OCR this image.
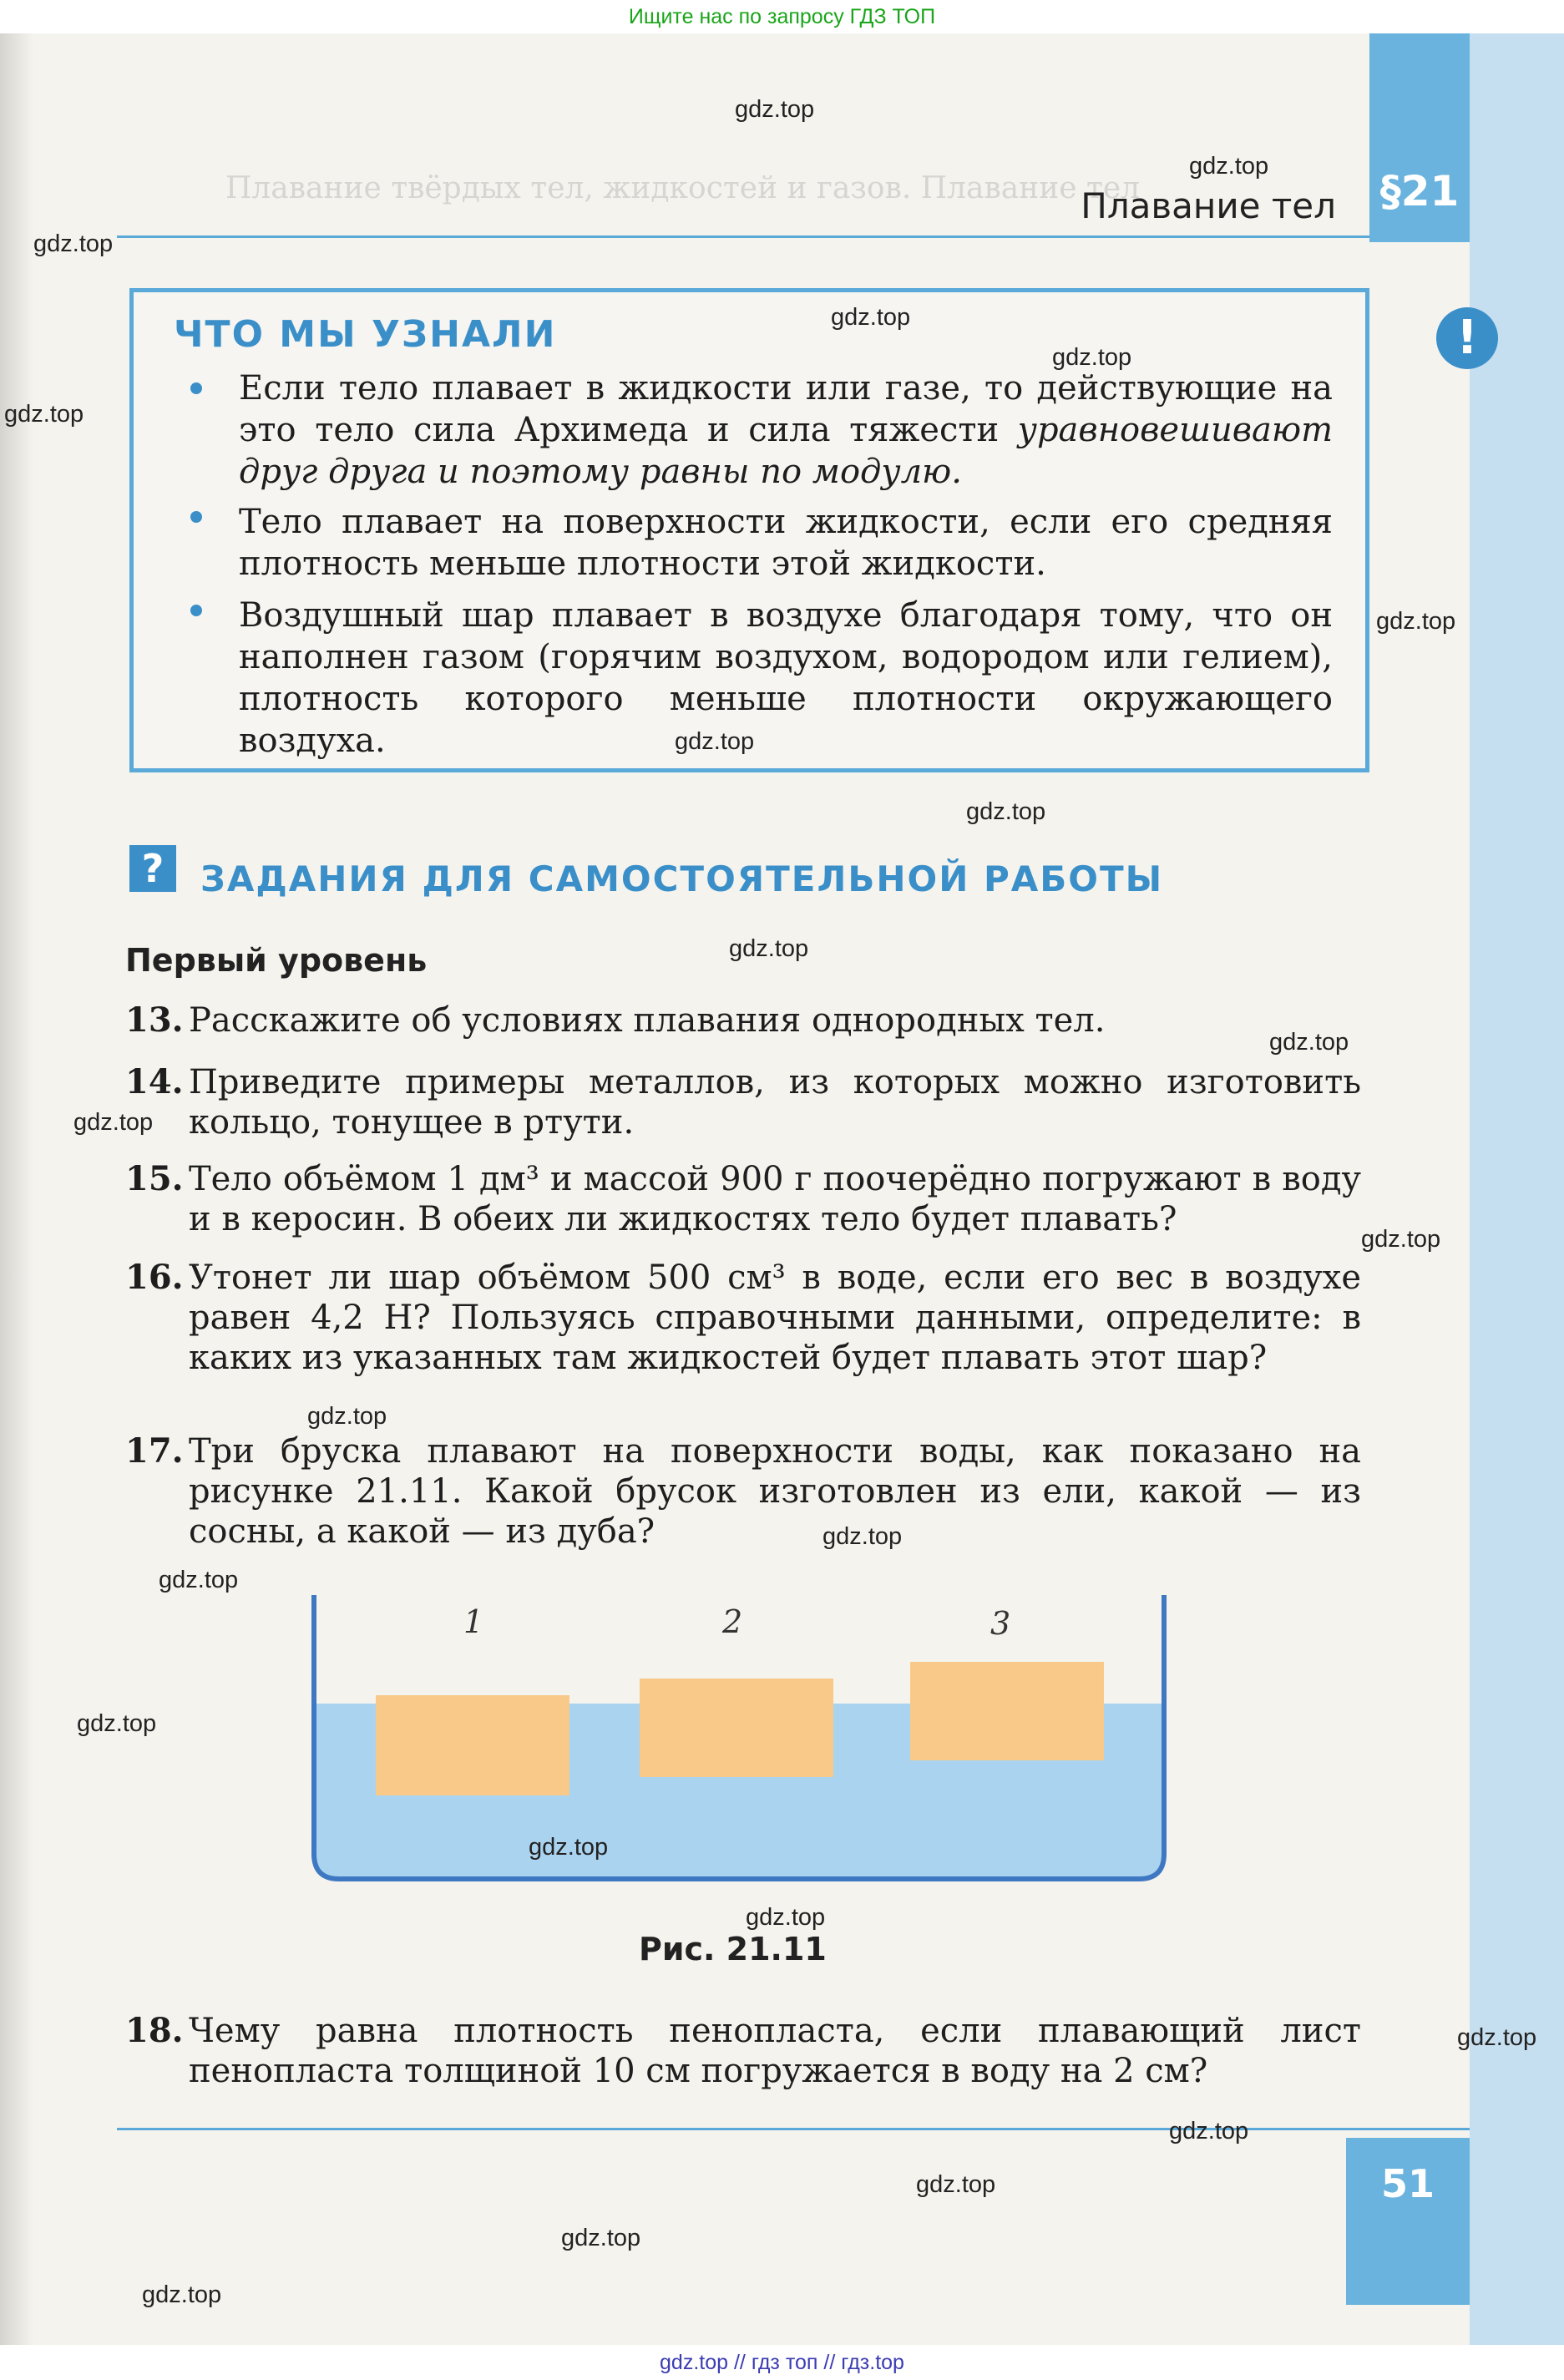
Ищите нас по запросу ГДЗ ТОП
§21
Плавание твёрдых тел, жидкостей и газов. Плавание тел
Плавание тел
ЧТО МЫ УЗНАЛИ	!
Если тело плавает в жидкости или газе, то действующие на это тело сила Архимеда и сила тяжести уравновешивают друг друга и поэтому равны по модулю.
Тело плавает на поверхности жидкости, если его средняя плотность меньше плотности этой жидкости.
Воздушный шар плавает в воздухе благодаря тому, что он наполнен газом (горячим воздухом, водородом или гелием), плотность которого меньше плотности окружающего воздуха.
?	ЗАДАНИЯ ДЛЯ САМОСТОЯТЕЛЬНОЙ РАБОТЫ
Первый уровень
13. Расскажите об условиях плавания однородных тел.
14. Приведите примеры металлов, из которых можно изготовить кольцо, тонущее в ртути.
15. Тело объёмом 1 дм³ и массой 900 г поочерёдно погружают в воду и в керосин. В обеих ли жидкостях тело будет плавать?
16. Утонет ли шар объёмом 500 см³ в воде, если его вес в воздухе равен 4,2 Н? Пользуясь справочными данными, определите: в каких из указанных там жидкостей будет плавать этот шар?
17. Три бруска плавают на поверхности воды, как показано на рисунке 21.11. Какой брусок изготовлен из ели, какой — из сосны, а какой — из дуба?
1	2	3
Рис. 21.11
18. Чему равна плотность пенопласта, если плавающий лист пенопласта толщиной 10 см погружается в воду на 2 см?
51
gdz.top
gdz.top
gdz.top
gdz.top
gdz.top
gdz.top
gdz.top
gdz.top
gdz.top
gdz.top
gdz.top
gdz.top
gdz.top
gdz.top
gdz.top
gdz.top
gdz.top
gdz.top
gdz.top
gdz.top
gdz.top
gdz.top
gdz.top
gdz.top
gdz.top // гдз топ // гдз.top
